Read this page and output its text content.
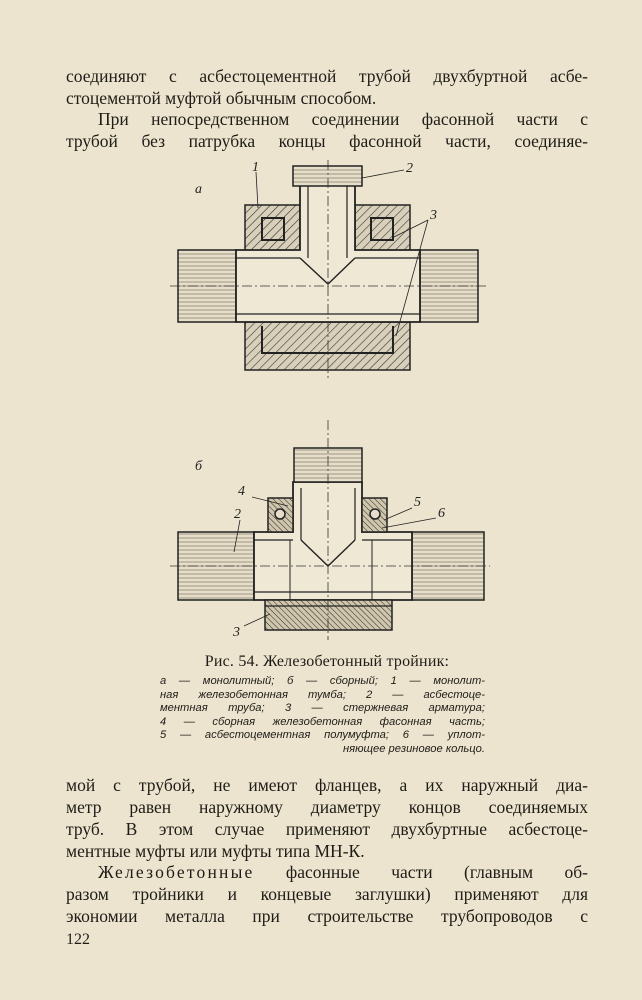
соединяют с асбестоцементной трубой двухбуртной асбе-
стоцементой муфтой обычным способом.

При непосредственном соединении фасонной части с
трубой без патрубка концы фасонной части, соединяе-

а
1	2
3
б
4
5
6
2
3
Рис. 54. Железобетонный тройник:
а — монолитный; б — сборный; 1 — монолит-
ная железобетонная тумба; 2 — асбестоце-
ментная труба; 3 — стержневая арматура;
4 — сборная железобетонная фасонная часть;
5 — асбестоцементная полумуфта; 6 — уплот-
няющее резиновое кольцо.

мой с трубой, не имеют фланцев, а их наружный диа-
метр равен наружному диаметру концов соединяемых
труб. В этом случае применяют двухбуртные асбестоце-
ментные муфты или муфты типа МН-К.

Железобетонные фасонные части (главным об-
разом тройники и концевые заглушки) применяют для
экономии металла при строительстве трубопроводов с

122
